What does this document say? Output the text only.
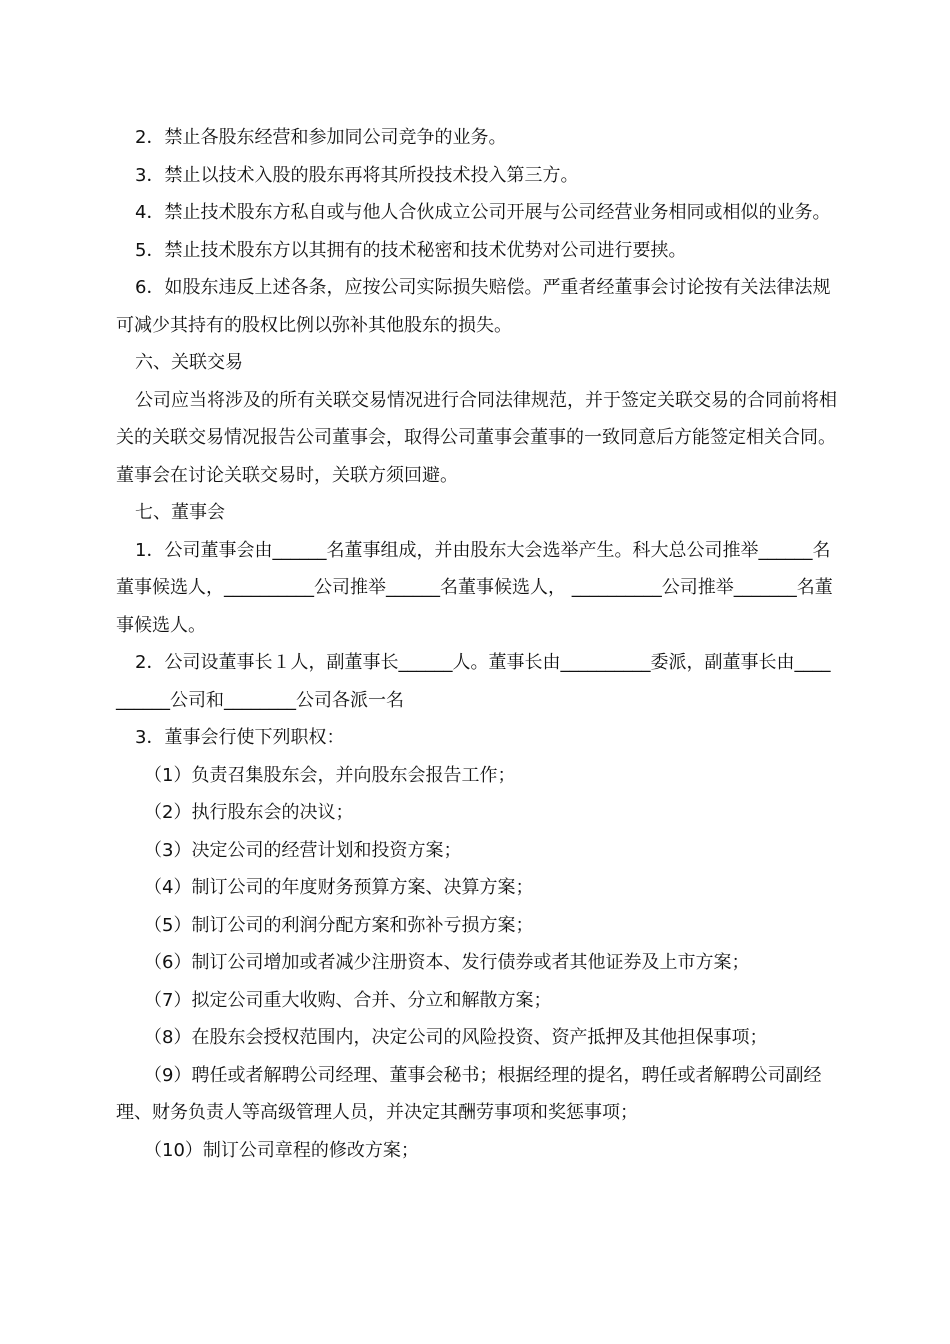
2．禁止各股东经营和参加同公司竞争的业务。

3．禁止以技术入股的股东再将其所投技术投入第三方。

4．禁止技术股东方私自或与他人合伙成立公司开展与公司经营业务相同或相似的业务。

5．禁止技术股东方以其拥有的技术秘密和技术优势对公司进行要挟。

6．如股东违反上述各条，应按公司实际损失赔偿。严重者经董事会讨论按有关法律法规可减少其持有的股权比例以弥补其他股东的损失。

六、关联交易

公司应当将涉及的所有关联交易情况进行合同法律规范，并于签定关联交易的合同前将相关的关联交易情况报告公司董事会，取得公司董事会董事的一致同意后方能签定相关合同。董事会在讨论关联交易时，关联方须回避。

七、董事会

1．公司董事会由______名董事组成，并由股东大会选举产生。科大总公司推举______名董事候选人，__________公司推举______名董事候选人， __________公司推举_______名董事候选人。

2．公司设董事长１人，副董事长______人。董事长由__________委派，副董事长由__________公司和________公司各派一名

3．董事会行使下列职权：

（1）负责召集股东会，并向股东会报告工作；

（2）执行股东会的决议；

（3）决定公司的经营计划和投资方案；

（4）制订公司的年度财务预算方案、决算方案；

（5）制订公司的利润分配方案和弥补亏损方案；

（6）制订公司增加或者减少注册资本、发行债券或者其他证券及上市方案；

（7）拟定公司重大收购、合并、分立和解散方案；

（8）在股东会授权范围内，决定公司的风险投资、资产抵押及其他担保事项；

（9）聘任或者解聘公司经理、董事会秘书；根据经理的提名，聘任或者解聘公司副经理、财务负责人等高级管理人员，并决定其酬劳事项和奖惩事项；

（10）制订公司章程的修改方案；
